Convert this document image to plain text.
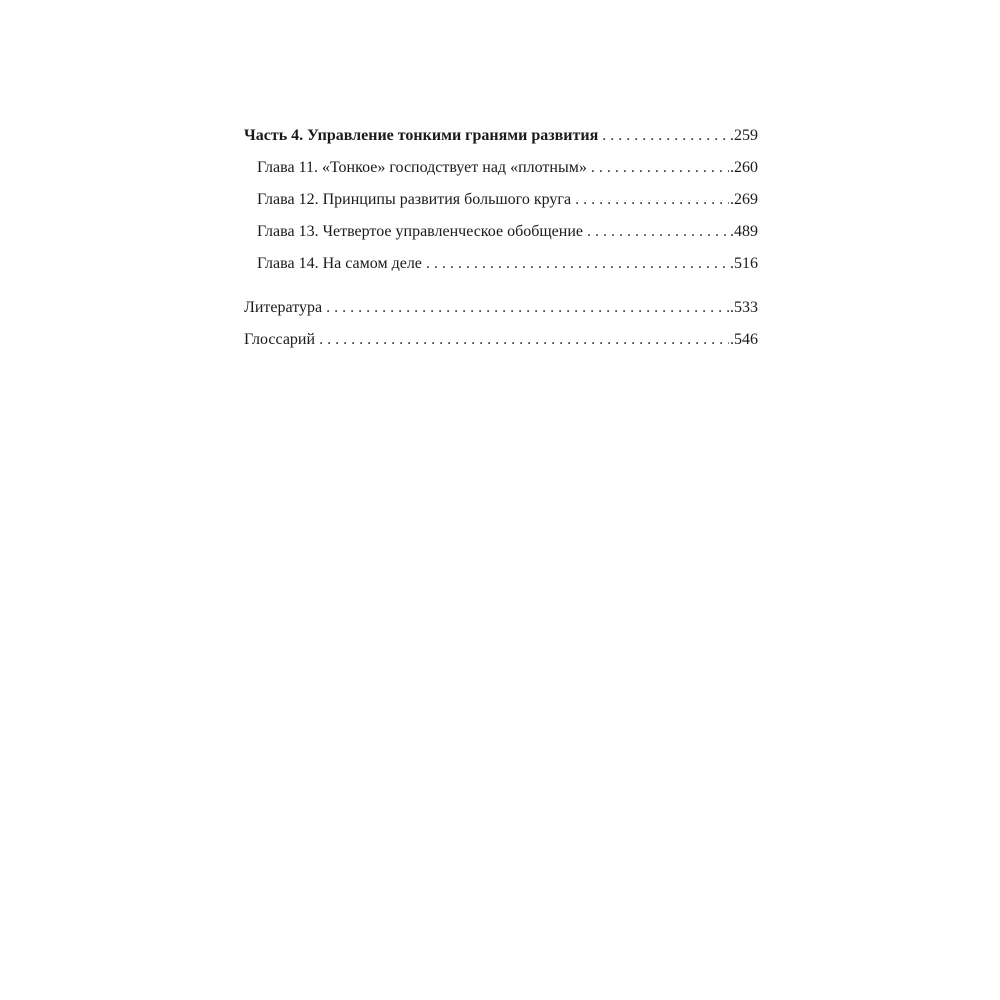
Часть 4. Управление тонкими гранями развития . . .	.259
Глава 11. «Тонкое» господствует над «плотным» . . .	.260
Глава 12. Принципы развития большого круга . . .	.269
Глава 13. Четвертое управленческое обобщение . . .	.489
Глава 14. На самом деле . . .	.516
Литература . . .	.533
Глоссарий . . .	.546
